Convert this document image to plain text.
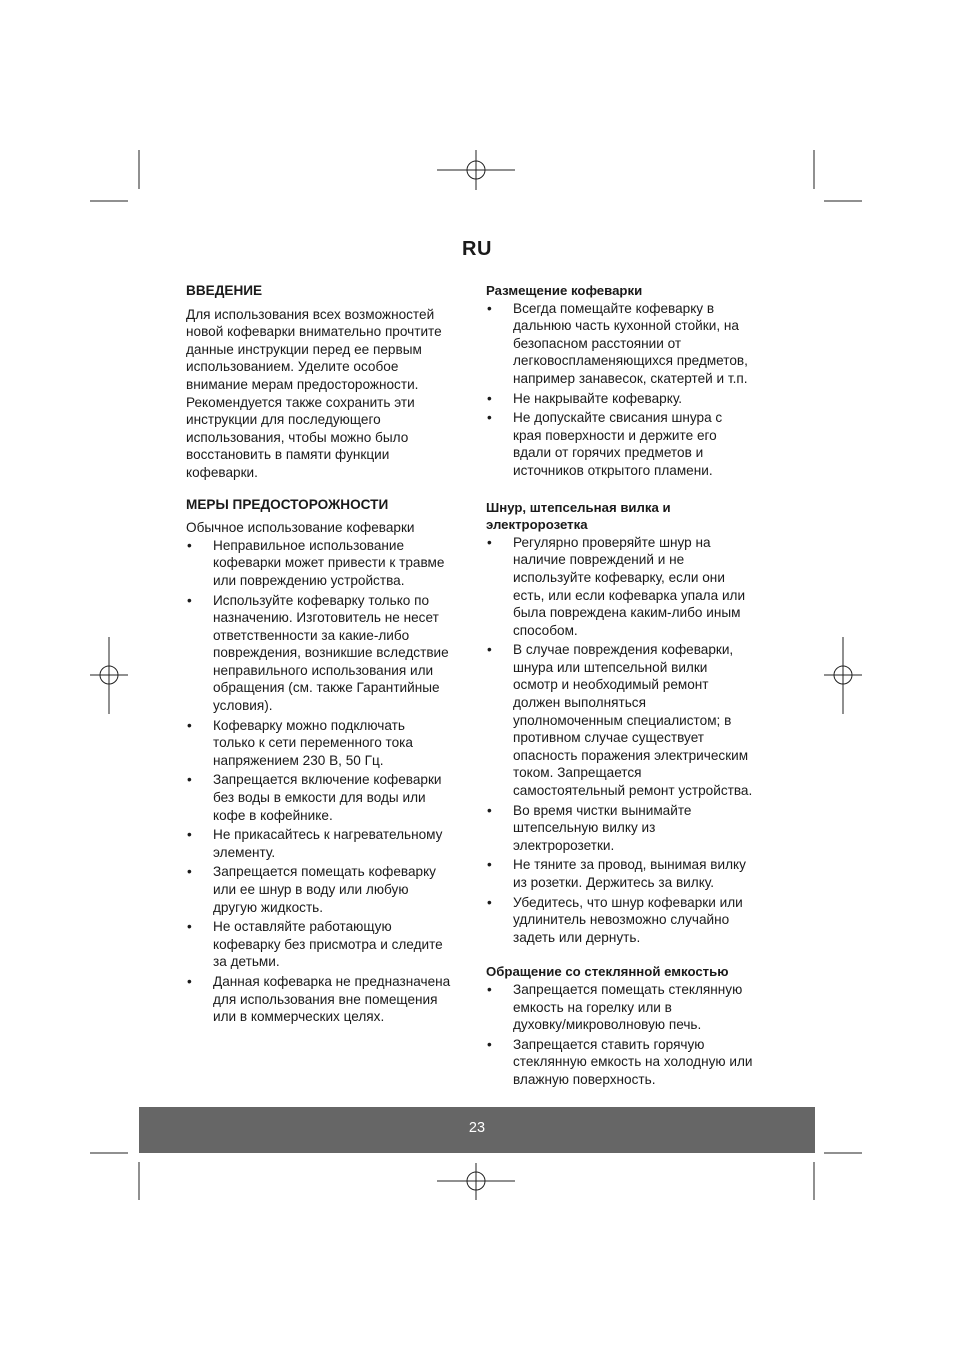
RU
ВВЕДЕНИЕ

Для использования всех возможностей
новой кофеварки внимательно прочтите
данные инструкции перед ее первым
использованием. Уделите особое
внимание мерам предосторожности.
Рекомендуется также сохранить эти
инструкции для последующего
использования, чтобы можно было
восстановить в памяти функции
кофеварки.

МЕРЫ ПРЕДОСТОРОЖНОСТИ

Обычное использование кофеварки

• Неправильное использование
кофеварки может привести к травме
или повреждению устройства.
• Используйте кофеварку только по
назначению. Изготовитель не несет
ответственности за какие-либо
повреждения, возникшие вследствие
неправильного использования или
обращения (см. также Гарантийные
условия).
• Кофеварку можно подключать
только к сети переменного тока
напряжением 230 В, 50 Гц.
• Запрещается включение кофеварки
без воды в емкости для воды или
кофе в кофейнике.
• Не прикасайтесь к нагревательному
элементу.
• Запрещается помещать кофеварку
или ее шнур в воду или любую
другую жидкость.
• Не оставляйте работающую
кофеварку без присмотра и следите
за детьми.
• Данная кофеварка не предназначена
для использования вне помещения
или в коммерческих целях.
Размещение кофеварки
• Всегда помещайте кофеварку в
дальнюю часть кухонной стойки, на
безопасном расстоянии от
легковоспламеняющихся предметов,
например занавесок, скатертей и т.п.
• Не накрывайте кофеварку.
• Не допускайте свисания шнура с
края поверхности и держите его
вдали от горячих предметов и
источников открытого пламени.
Шнур, штепсельная вилка и
электророзетка
• Регулярно проверяйте шнур на
наличие повреждений и не
используйте кофеварку, если они
есть, или если кофеварка упала или
была повреждена каким-либо иным
способом.
• В случае повреждения кофеварки,
шнура или штепсельной вилки
осмотр и необходимый ремонт
должен выполняться
уполномоченным специалистом; в
противном случае существует
опасность поражения электрическим
током. Запрещается
самостоятельный ремонт устройства.
• Во время чистки вынимайте
штепсельную вилку из
электророзетки.
• Не тяните за провод, вынимая вилку
из розетки. Держитесь за вилку.
• Убедитесь, что шнур кофеварки или
удлинитель невозможно случайно
задеть или дернуть.
Обращение со стеклянной емкостью
• Запрещается помещать стеклянную
емкость на горелку или в
духовку/микроволновую печь.
• Запрещается ставить горячую
стеклянную емкость на холодную или
влажную поверхность.
23
